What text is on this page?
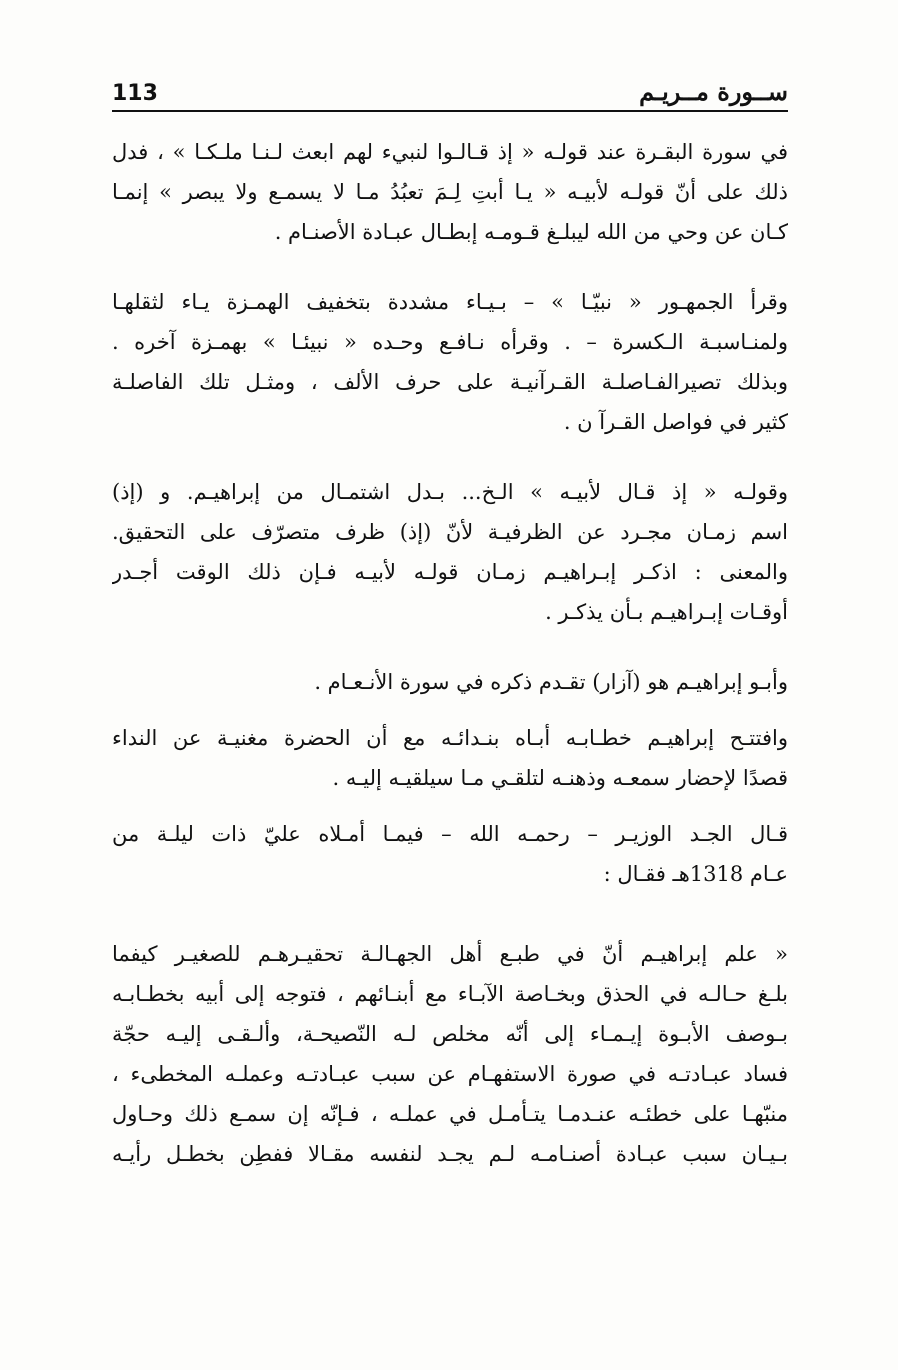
113	ســورة مــريـم
في سورة البقـرة عند قولـه « إذ قـالـوا لنبيء لهم ابعث لـنـا ملـكـا » ، فدل
ذلك على أنّ قولـه لأبيـه « يـا أبتِ لِـمَ تعبُدُ مـا لا يسمـع ولا يبصر » إنمـا
كـان عن وحي من الله ليبلـغ قـومـه إبطـال عبـادة الأصنـام .
وقرأ الجمهـور « نبيّـا » – بـيـاء مشددة بتخفيف الهمـزة يـاء لثقلهـا
ولمنـاسبـة الـكسرة – . وقرأه نـافـع وحـده « نبيئـا » بهمـزة آخره .
وبذلك تصيرالفـاصلـة القـرآنيـة على حرف الألف ، ومثـل تلك الفاصلـة
كثير في فواصل القـرآ ن .
وقولـه « إذ قـال لأبيـه » الـخ... بـدل اشتمـال من إبراهيـم. و (إذ)
اسم زمـان مجـرد عن الظرفيـة لأنّ (إذ) ظرف متصرّف على التحقيق.
والمعنى : اذكـر إبـراهيـم زمـان قولـه لأبيـه فـإن ذلك الوقت أجـدر
أوقـات إبـراهيـم بـأن يذكـر .
وأبـو إبراهيـم هو (آزار) تقـدم ذكره في سورة الأنـعـام .
وافتتـح إبراهيـم خطـابـه أبـاه بنـدائـه مع أن الحضرة مغنيـة عن النداء
قصدًا لإحضار سمعـه وذهنـه لتلقـي مـا سيلقيـه إليـه .
قـال الجـد الوزيـر – رحمـه الله – فيمـا أمـلاه عليّ ذات ليلـة من
عـام 1318هـ فقـال :
« علم إبراهيـم أنّ في طبـع أهل الجهـالـة تحقيـرهـم للصغيـر كيفما
بلـغ حـالـه في الحذق وبخـاصة الآبـاء مع أبنـائهم ، فتوجه إلى أبيه بخطـابـه
بـوصف الأبـوة إيـمـاء إلى أنّه مخلص لـه النّصيحـة، وألـقـى إليـه حجّة
فساد عبـادتـه في صورة الاستفهـام عن سبب عبـادتـه وعملـه المخطىء ،
منبّهـا على خطئـه عنـدمـا يتـأمـل في عملـه ، فـإنّه إن سمـع ذلك وحـاول
بـيـان سبب عبـادة أصنـامـه لـم يجـد لنفسه مقـالا ففطِن بخطـل رأيـه
